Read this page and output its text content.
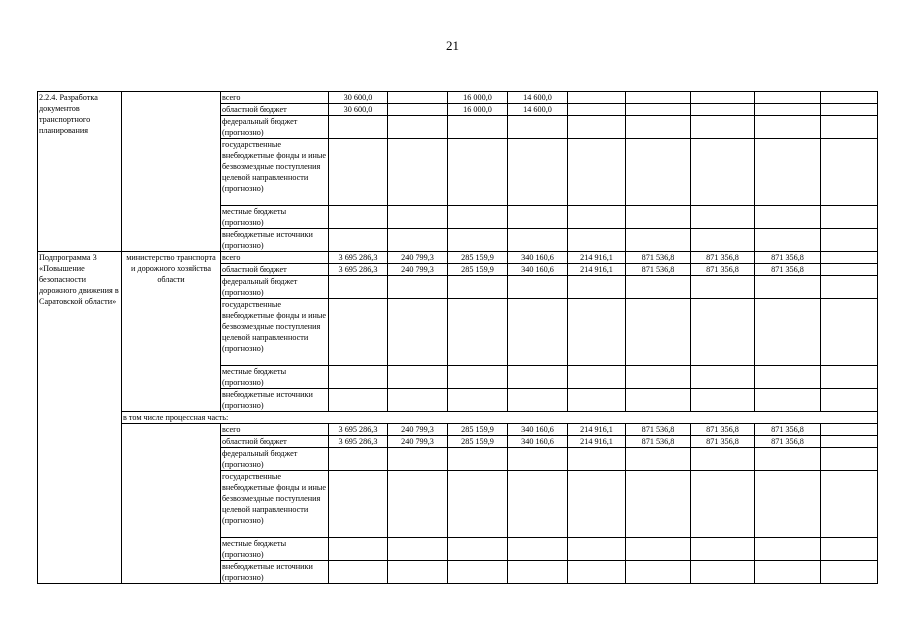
21
2.2.4. Разработка документов транспортного планирования		всего	30 600,0		16 000,0	14 600,0					
		областной бюджет	30 600,0		16 000,0	14 600,0					
		федеральный бюджет (прогнозно)									
		государственные внебюджетные фонды и иные безвозмездные поступления целевой направленности (прогнозно)									
		местные бюджеты (прогнозно)									
		внебюджетные источники (прогнозно)									
Подпрограмма 3 «Повышение безопасности дорожного движения в Саратовской области»	министерство транспорта и дорожного хозяйства области	всего	3 695 286,3	240 799,3	285 159,9	340 160,6	214 916,1	871 536,8	871 356,8	871 356,8	
		областной бюджет	3 695 286,3	240 799,3	285 159,9	340 160,6	214 916,1	871 536,8	871 356,8	871 356,8	
		федеральный бюджет (прогнозно)									
		государственные внебюджетные фонды и иные безвозмездные поступления целевой направленности (прогнозно)									
		местные бюджеты (прогнозно)									
		внебюджетные источники (прогнозно)									
	в том числе процессная часть:										
		всего	3 695 286,3	240 799,3	285 159,9	340 160,6	214 916,1	871 536,8	871 356,8	871 356,8	
		областной бюджет	3 695 286,3	240 799,3	285 159,9	340 160,6	214 916,1	871 536,8	871 356,8	871 356,8	
		федеральный бюджет (прогнозно)									
		государственные внебюджетные фонды и иные безвозмездные поступления целевой направленности (прогнозно)									
		местные бюджеты (прогнозно)									
		внебюджетные источники (прогнозно)									
